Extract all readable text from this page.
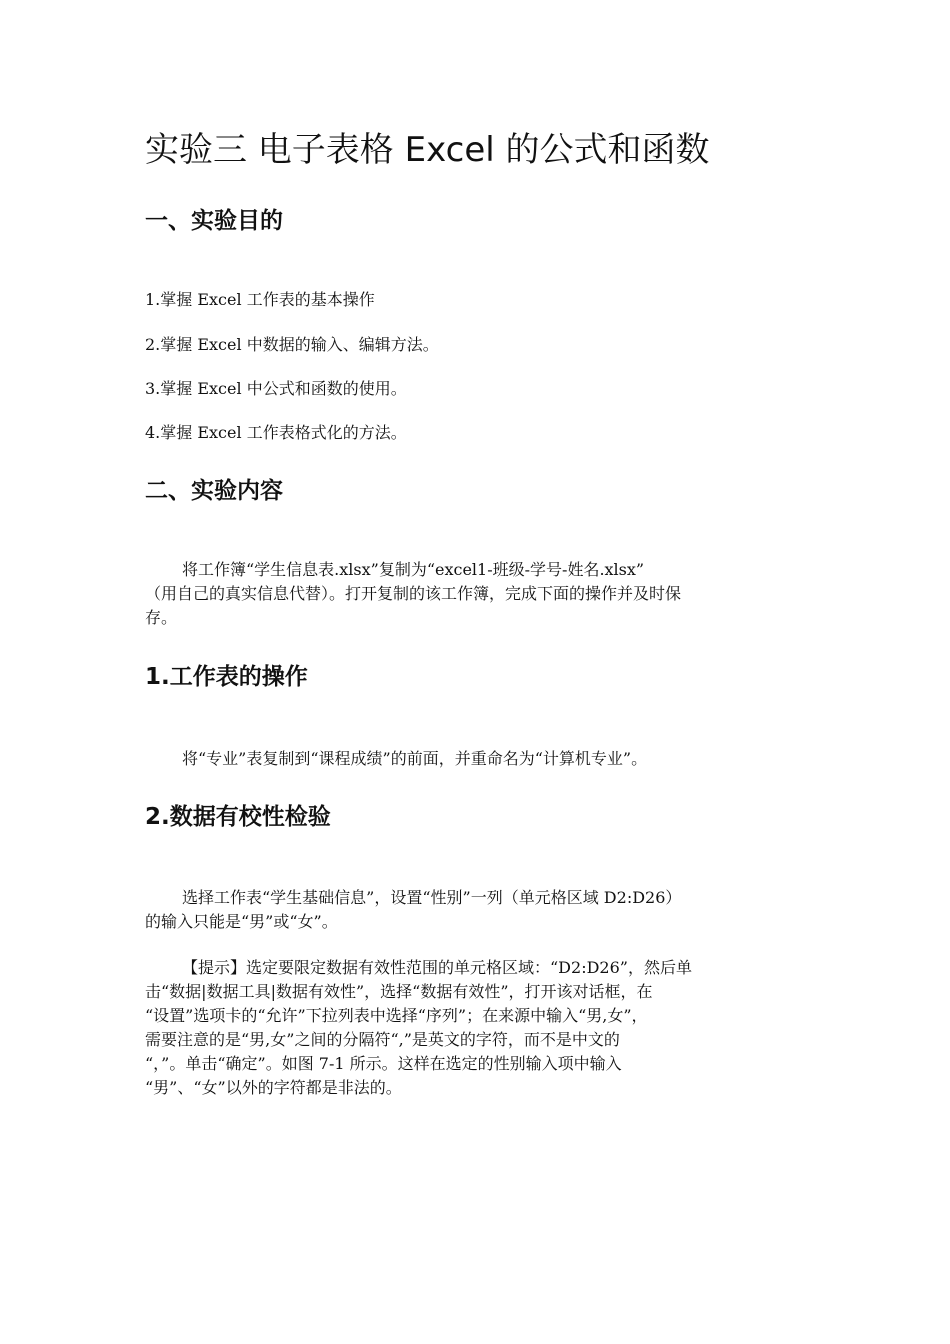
实验三 电子表格 Excel 的公式和函数
一、实验目的

1.掌握 Excel 工作表的基本操作

2.掌握 Excel 中数据的输入、编辑方法。

3.掌握 Excel 中公式和函数的使用。

4.掌握 Excel 工作表格式化的方法。

二、实验内容

将工作簿“学生信息表.xlsx”复制为“excel1-班级-学号-姓名.xlsx”
（用自己的真实信息代替）。打开复制的该工作簿，完成下面的操作并及时保
存。

1.工作表的操作

将“专业”表复制到“课程成绩”的前面，并重命名为“计算机专业”。

2.数据有校性检验

选择工作表“学生基础信息”，设置“性别”一列（单元格区域 D2:D26）
的输入只能是“男”或“女”。

【提示】选定要限定数据有效性范围的单元格区域：“D2:D26”，然后单
击“数据|数据工具|数据有效性”，选择“数据有效性”，打开该对话框，在
“设置”选项卡的“允许”下拉列表中选择“序列”；在来源中输入“男,女”，
需要注意的是“男,女”之间的分隔符“,”是英文的字符，而不是中文的
“，”。单击“确定”。如图 7-1 所示。这样在选定的性别输入项中输入
“男”、“女”以外的字符都是非法的。
